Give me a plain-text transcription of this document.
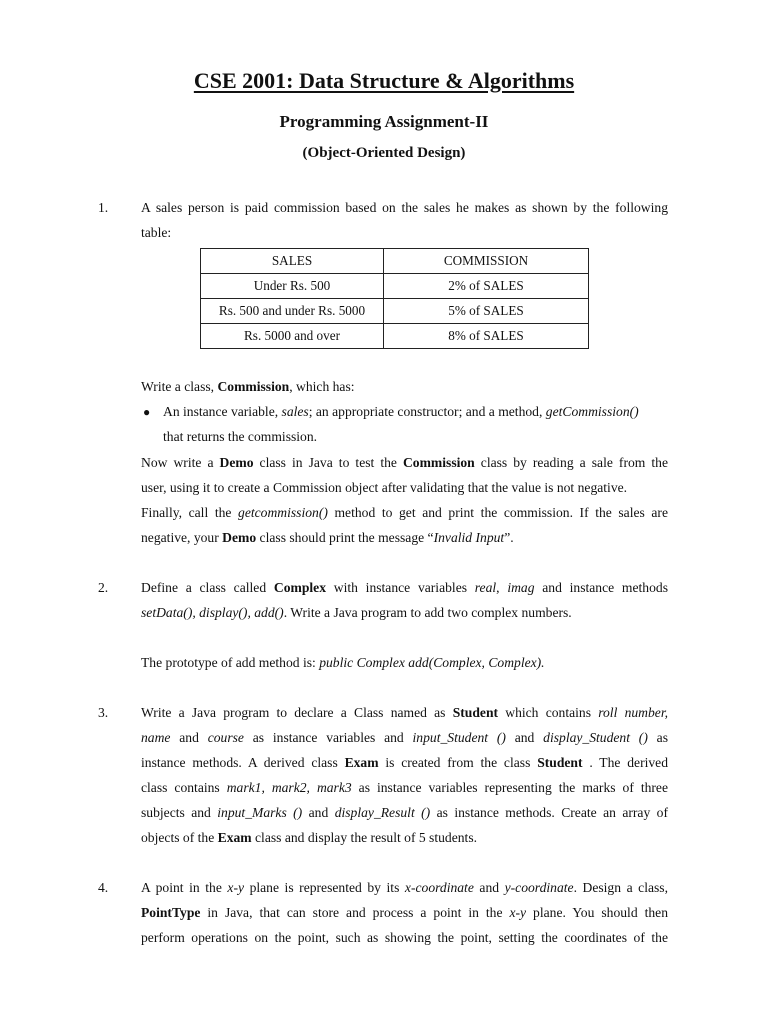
CSE 2001: Data Structure & Algorithms
Programming Assignment-II
(Object-Oriented Design)
1. A sales person is paid commission based on the sales he makes as shown by the following
table:
SALES	COMMISSION
Under Rs. 500	2% of SALES
Rs. 500 and under Rs. 5000	5% of SALES
Rs. 5000 and over	8% of SALES
Write a class, Commission, which has:
● An instance variable, sales; an appropriate constructor; and a method, getCommission()
that returns the commission.
Now write a Demo class in Java to test the Commission class by reading a sale from the
user, using it to create a Commission object after validating that the value is not negative.
Finally, call the getcommission() method to get and print the commission. If the sales are
negative, your Demo class should print the message “Invalid Input”.
2. Define a class called Complex with instance variables real, imag and instance methods
setData(), display(), add(). Write a Java program to add two complex numbers.
The prototype of add method is: public Complex add(Complex, Complex).
3. Write a Java program to declare a Class named as Student which contains roll number,
name and course as instance variables and input_Student () and display_Student () as
instance methods. A derived class Exam is created from the class Student . The derived
class contains mark1, mark2, mark3 as instance variables representing the marks of three
subjects and input_Marks () and display_Result () as instance methods. Create an array of
objects of the Exam class and display the result of 5 students.
4. A point in the x-y plane is represented by its x-coordinate and y-coordinate. Design a class,
PointType in Java, that can store and process a point in the x-y plane. You should then
perform operations on the point, such as showing the point, setting the coordinates of the
